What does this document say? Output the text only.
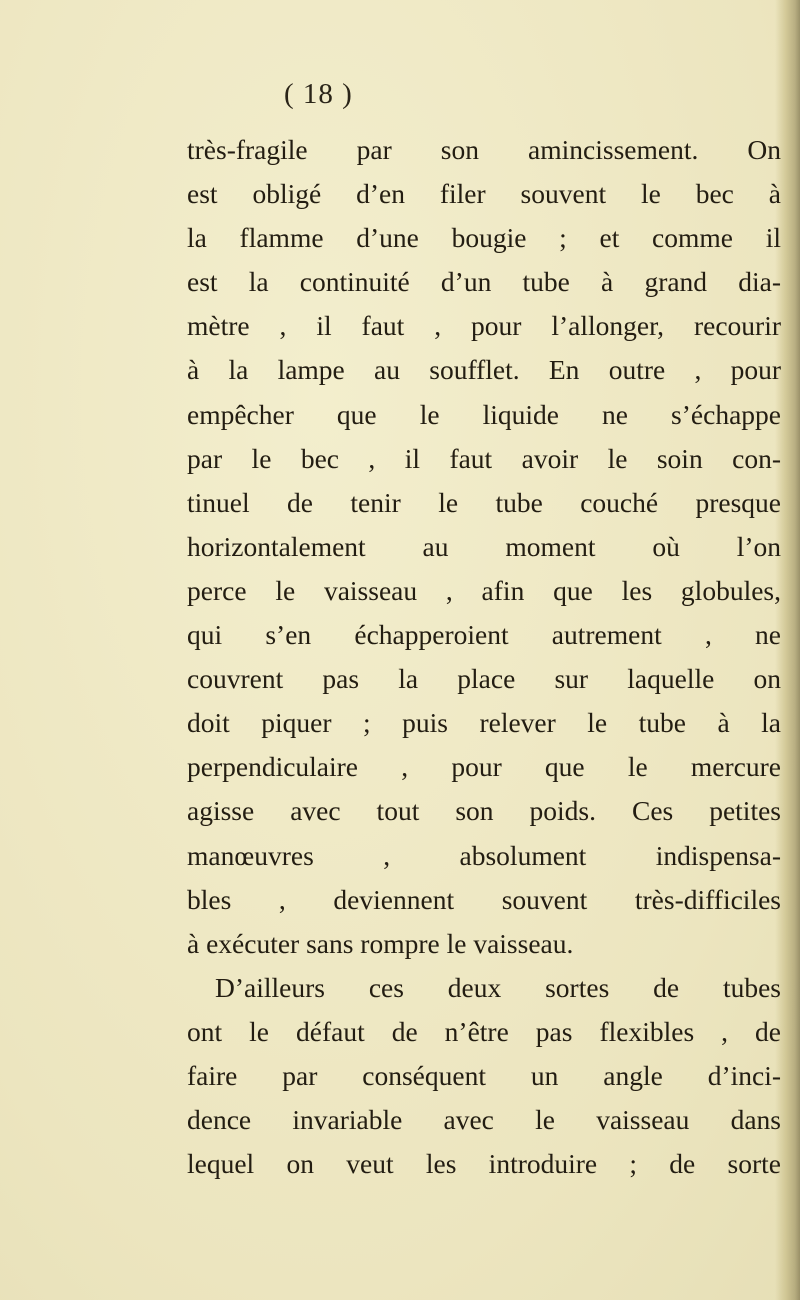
( 18 )
très-fragile par son amincissement. On
est obligé d’en filer souvent le bec à
la flamme d’une bougie ; et comme il
est la continuité d’un tube à grand dia-
mètre , il faut , pour l’allonger, recourir
à la lampe au soufflet. En outre , pour
empêcher que le liquide ne s’échappe
par le bec , il faut avoir le soin con-
tinuel de tenir le tube couché presque
horizontalement au moment où l’on
perce le vaisseau , afin que les globules,
qui s’en échapperoient autrement , ne
couvrent pas la place sur laquelle on
doit piquer ; puis relever le tube à la
perpendiculaire , pour que le mercure
agisse avec tout son poids. Ces petites
manœuvres , absolument indispensa-
bles , deviennent souvent très-difficiles
à exécuter sans rompre le vaisseau.
D’ailleurs ces deux sortes de tubes
ont le défaut de n’être pas flexibles , de
faire par conséquent un angle d’inci-
dence invariable avec le vaisseau dans
lequel on veut les introduire ; de sorte
